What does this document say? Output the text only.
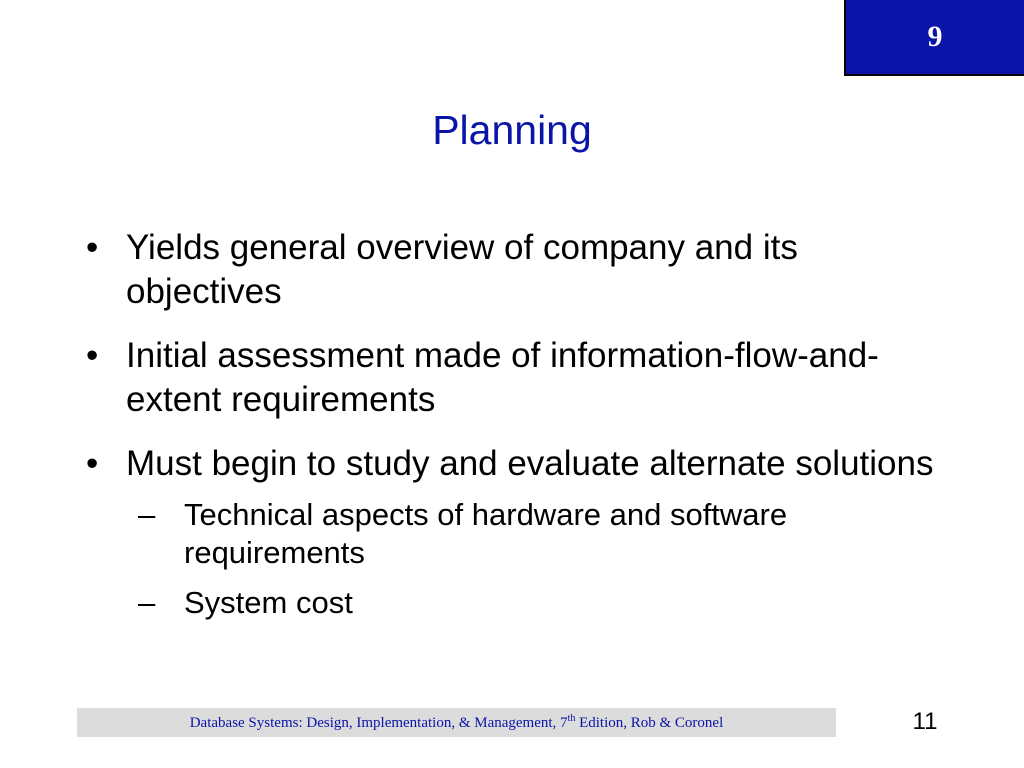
9
Planning
• Yields general overview of company and its objectives
• Initial assessment made of information-flow-and-extent requirements
• Must begin to study and evaluate alternate solutions
– Technical aspects of hardware and software requirements
– System cost
Database Systems: Design, Implementation, & Management, 7th Edition, Rob & Coronel	11
